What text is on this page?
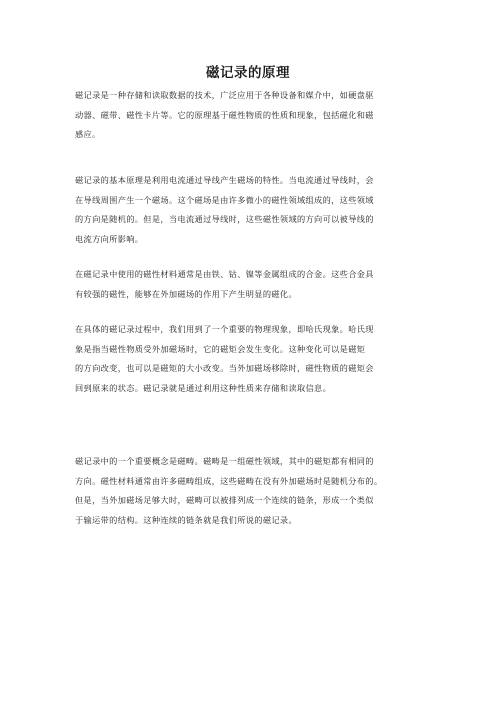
磁记录的原理
磁记录是一种存储和读取数据的技术，广泛应用于各种设备和媒介中，如硬盘驱
动器、磁带、磁性卡片等。它的原理基于磁性物质的性质和现象，包括磁化和磁
感应。
磁记录的基本原理是利用电流通过导线产生磁场的特性。当电流通过导线时，会
在导线周围产生一个磁场。这个磁场是由许多微小的磁性领域组成的，这些领域
的方向是随机的。但是，当电流通过导线时，这些磁性领域的方向可以被导线的
电流方向所影响。
在磁记录中使用的磁性材料通常是由铁、钴、镍等金属组成的合金。这些合金具
有较强的磁性，能够在外加磁场的作用下产生明显的磁化。
在具体的磁记录过程中，我们用到了一个重要的物理现象，即哈氏现象。哈氏现
象是指当磁性物质受外加磁场时，它的磁矩会发生变化。这种变化可以是磁矩
的方向改变，也可以是磁矩的大小改变。当外加磁场移除时，磁性物质的磁矩会
回到原来的状态。磁记录就是通过利用这种性质来存储和读取信息。
磁记录中的一个重要概念是磁畴。磁畴是一组磁性领域，其中的磁矩都有相同的
方向。磁性材料通常由许多磁畴组成，这些磁畴在没有外加磁场时是随机分布的。
但是，当外加磁场足够大时，磁畴可以被排列成一个连续的链条，形成一个类似
于输运带的结构。这种连续的链条就是我们所说的磁记录。
